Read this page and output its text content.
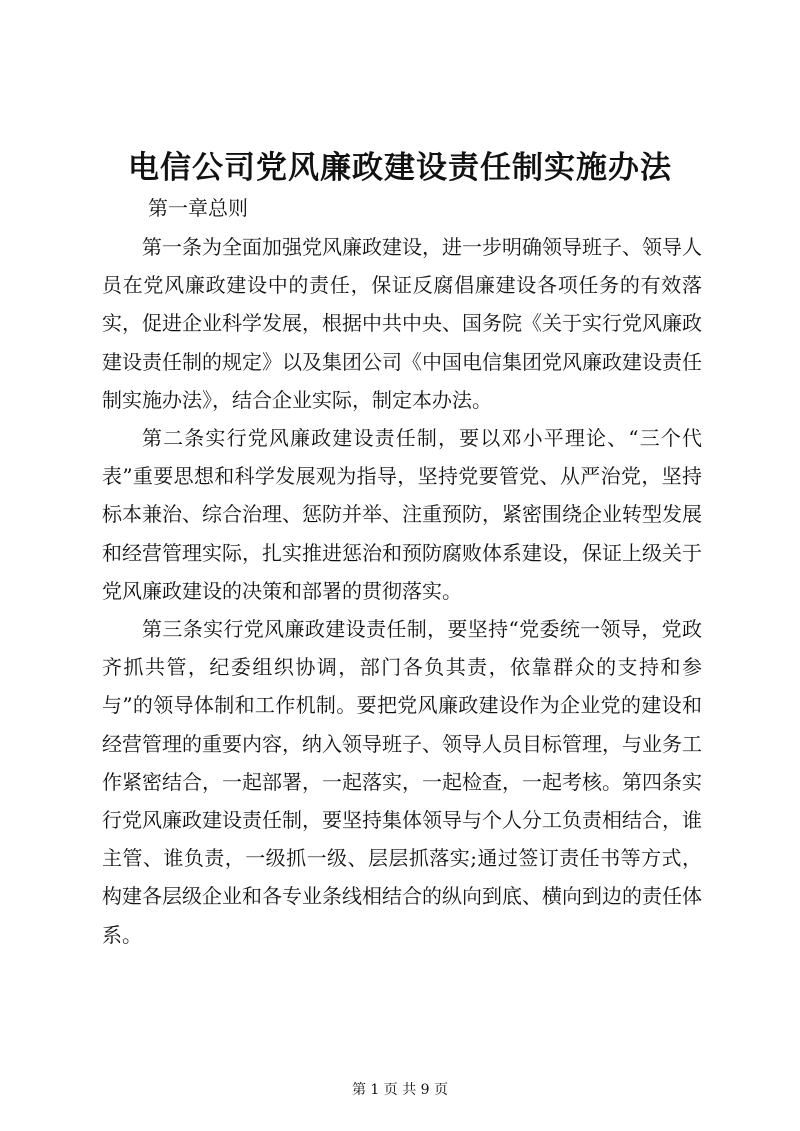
电信公司党风廉政建设责任制实施办法

第一章总则

第一条为全面加强党风廉政建设，进一步明确领导班子、领导人员在党风廉政建设中的责任，保证反腐倡廉建设各项任务的有效落实，促进企业科学发展，根据中共中央、国务院《关于实行党风廉政建设责任制的规定》以及集团公司《中国电信集团党风廉政建设责任制实施办法》，结合企业实际，制定本办法。

第二条实行党风廉政建设责任制，要以邓小平理论、“三个代表”重要思想和科学发展观为指导，坚持党要管党、从严治党，坚持标本兼治、综合治理、惩防并举、注重预防，紧密围绕企业转型发展和经营管理实际，扎实推进惩治和预防腐败体系建设，保证上级关于党风廉政建设的决策和部署的贯彻落实。

第三条实行党风廉政建设责任制，要坚持“党委统一领导，党政齐抓共管，纪委组织协调，部门各负其责，依靠群众的支持和参与”的领导体制和工作机制。要把党风廉政建设作为企业党的建设和经营管理的重要内容，纳入领导班子、领导人员目标管理，与业务工作紧密结合，一起部署，一起落实，一起检查，一起考核。第四条实行党风廉政建设责任制，要坚持集体领导与个人分工负责相结合，谁主管、谁负责，一级抓一级、层层抓落实;通过签订责任书等方式，构建各层级企业和各专业条线相结合的纵向到底、横向到边的责任体系。

第 1 页 共 9 页
